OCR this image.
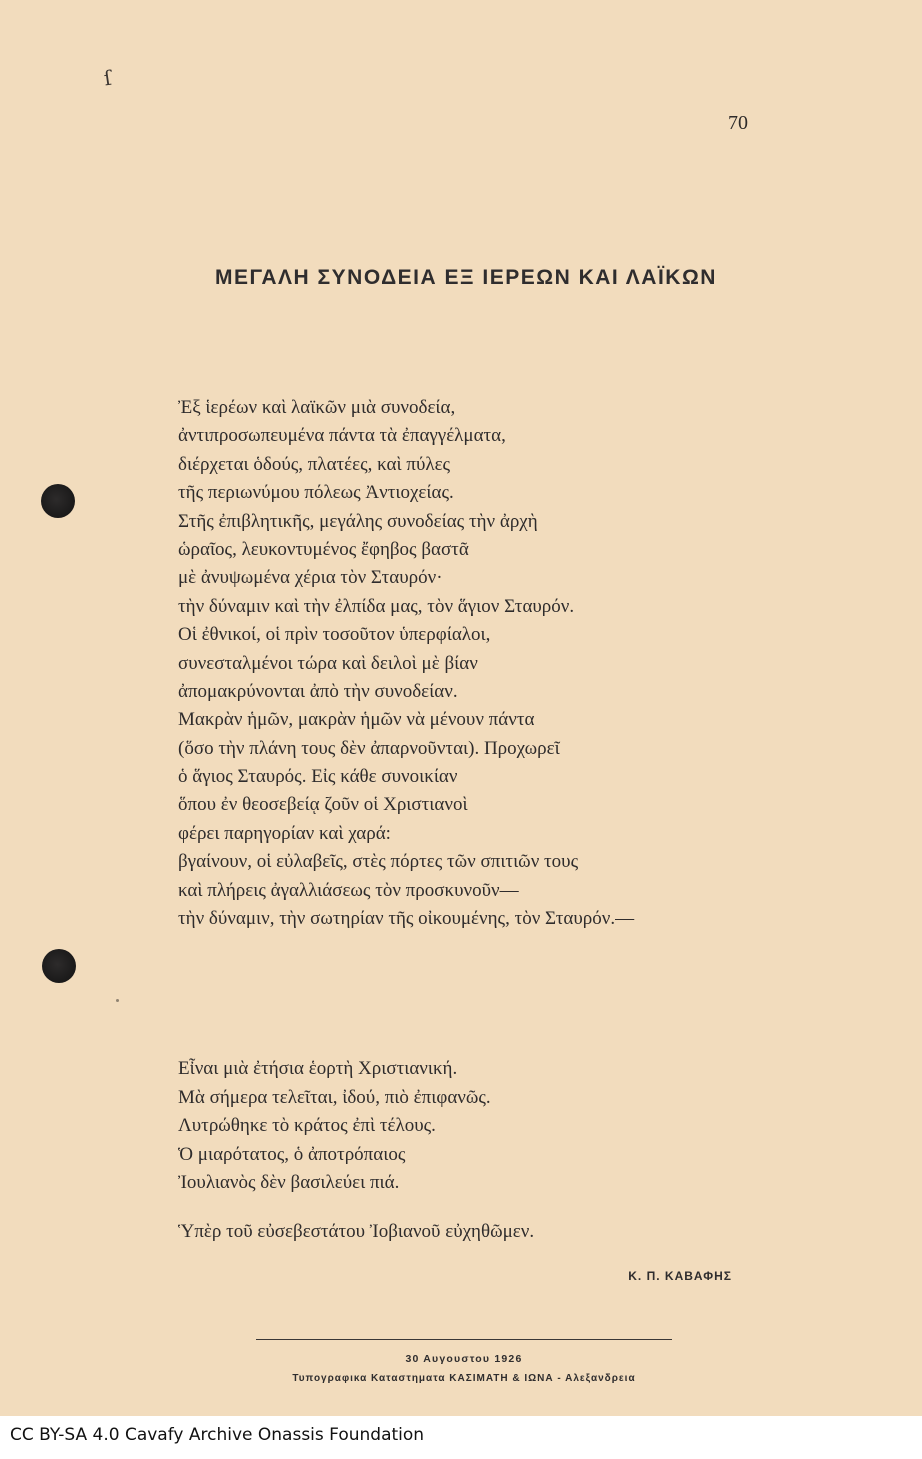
ſ
70
ΜΕΓΑΛΗ ΣΥΝΟΔΕΙΑ ΕΞ ΙΕΡΕΩΝ ΚΑΙ ΛΑΪΚΩΝ
Ἐξ ἱερέων καὶ λαϊκῶν μιὰ συνοδεία,
ἀντιπροσωπευμένα πάντα τὰ ἐπαγγέλματα,
διέρχεται ὁδούς, πλατέες, καὶ πύλες
τῆς περιωνύμου πόλεως Ἀντιοχείας.
Στῆς ἐπιβλητικῆς, μεγάλης συνοδείας τὴν ἀρχὴ
ὡραῖος, λευκοντυμένος ἔφηβος βαστᾶ
μὲ ἀνυψωμένα χέρια τὸν Σταυρόν·
τὴν δύναμιν καὶ τὴν ἐλπίδα μας, τὸν ἅγιον Σταυρόν.
Οἱ ἐθνικοί, οἱ πρὶν τοσοῦτον ὑπερφίαλοι,
συνεσταλμένοι τώρα καὶ δειλοὶ μὲ βίαν
ἀπομακρύνονται ἀπὸ τὴν συνοδείαν.
Μακρὰν ἡμῶν, μακρὰν ἡμῶν νὰ μένουν πάντα
(ὅσο τὴν πλάνη τους δὲν ἀπαρνοῦνται). Προχωρεῖ
ὁ ἅγιος Σταυρός. Εἰς κάθε συνοικίαν
ὅπου ἐν θεοσεβείᾳ ζοῦν οἱ Χριστιανοὶ
φέρει παρηγορίαν καὶ χαρά:
βγαίνουν, οἱ εὐλαβεῖς, στὲς πόρτες τῶν σπιτιῶν τους
καὶ πλήρεις ἀγαλλιάσεως τὸν προσκυνοῦν—
τὴν δύναμιν, τὴν σωτηρίαν τῆς οἰκουμένης, τὸν Σταυρόν.—
Εἶναι μιὰ ἐτήσια ἑορτὴ Χριστιανική.
Μὰ σήμερα τελεῖται, ἰδού, πιὸ ἐπιφανῶς.
Λυτρώθηκε τὸ κράτος ἐπὶ τέλους.
Ὁ μιαρότατος, ὁ ἀποτρόπαιος
Ἰουλιανὸς δὲν βασιλεύει πιά.
Ὑπὲρ τοῦ εὐσεβεστάτου Ἰοβιανοῦ εὐχηθῶμεν.
Κ. Π. ΚΑΒΑΦΗΣ
30 Αυγουστου 1926
Τυπογραφικα Καταστηματα ΚΑΣΙΜΑΤΗ & ΙΩΝΑ - Αλεξανδρεια
CC BY-SA 4.0 Cavafy Archive Onassis Foundation
